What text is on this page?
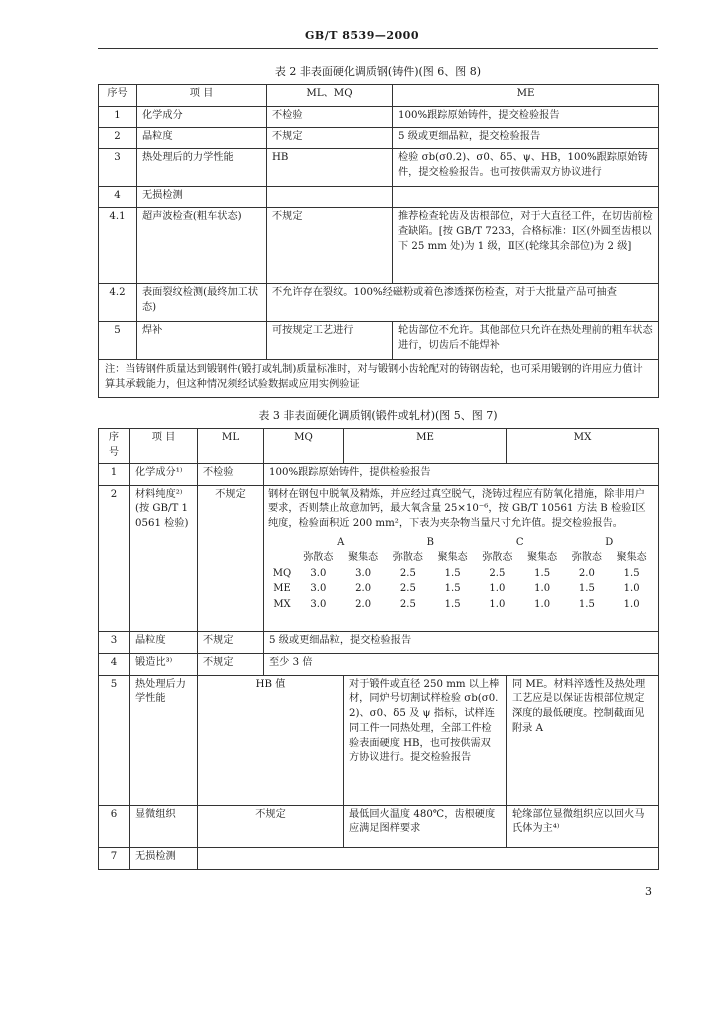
GB/T 8539—2000
表 2 非表面硬化调质钢(铸件)(图 6、图 8)
序号	项 目	ML、MQ	ME
1	化学成分	不检验	100%跟踪原始铸件，提交检验报告
2	晶粒度	不规定	5 级或更细晶粒，提交检验报告
3	热处理后的力学性能	HB	检验 σb(σ0.2)、σ0、δ5、ψ、HB，100%跟踪原始铸件，提交检验报告。也可按供需双方协议进行
4	无损检测		
4.1	超声波检查(粗车状态)	不规定	推荐检查轮齿及齿根部位，对于大直径工件，在切齿前检查缺陷。[按 GB/T 7233，合格标准：Ⅰ区(外圆至齿根以下 25 mm 处)为 1 级，Ⅱ区(轮缘其余部位)为 2 级]
4.2	表面裂纹检测(最终加工状态)	不允许存在裂纹。100%经磁粉或着色渗透探伤检查，对于大批量产品可抽查	
5	焊补	可按规定工艺进行	轮齿部位不允许。其他部位只允许在热处理前的粗车状态进行，切齿后不能焊补
注：当铸钢件质量达到锻钢件(锻打或轧制)质量标准时，对与锻钢小齿轮配对的铸钢齿轮，也可采用锻钢的许用应力值计算其承载能力，但这种情况须经试验数据或应用实例验证			
表 3 非表面硬化调质钢(锻件或轧材)(图 5、图 7)
序号	项 目	ML	MQ	ME	MX
1	化学成分¹⁾	不检验	100%跟踪原始铸件，提供检验报告
2	材料纯度²⁾(按 GB/T 10561 检验)	不规定	钢材在钢包中脱氧及精炼，并应经过真空脱气，浇铸过程应有防氧化措施，除非用户要求，否则禁止故意加钙，最大氧含量 25×10⁻⁶，按 GB/T 10561 方法 B 检验Ⅰ区纯度，检验面积近 200 mm²，下表为夹杂物当量尺寸允许值。提交检验报告。
	A	B	C	D
	弥散态	聚集态	弥散态	聚集态	弥散态	聚集态	弥散态	聚集态
MQ	3.0	3.0	2.5	1.5	2.5	1.5	2.0	1.5
ME	3.0	2.0	2.5	1.5	1.0	1.0	1.5	1.0
MX	3.0	2.0	2.5	1.5	1.0	1.0	1.5	1.0

3	晶粒度	不规定	5 级或更细晶粒，提交检验报告
4	锻造比³⁾	不规定	至少 3 倍
5	热处理后力学性能	HB 值	对于锻件或直径 250 mm 以上棒材，同炉号切割试样检验 σb(σ0.2)、σ0、δ5 及 ψ 指标，试样连同工件一同热处理，全部工件检验表面硬度 HB，也可按供需双方协议进行。提交检验报告	同 ME。材料淬透性及热处理工艺应是以保证齿根部位规定深度的最低硬度。控制截面见附录 A
6	显微组织	不规定	最低回火温度 480℃，齿根硬度应满足图样要求	轮缘部位显微组织应以回火马氏体为主⁴⁾
7	无损检测	
3
